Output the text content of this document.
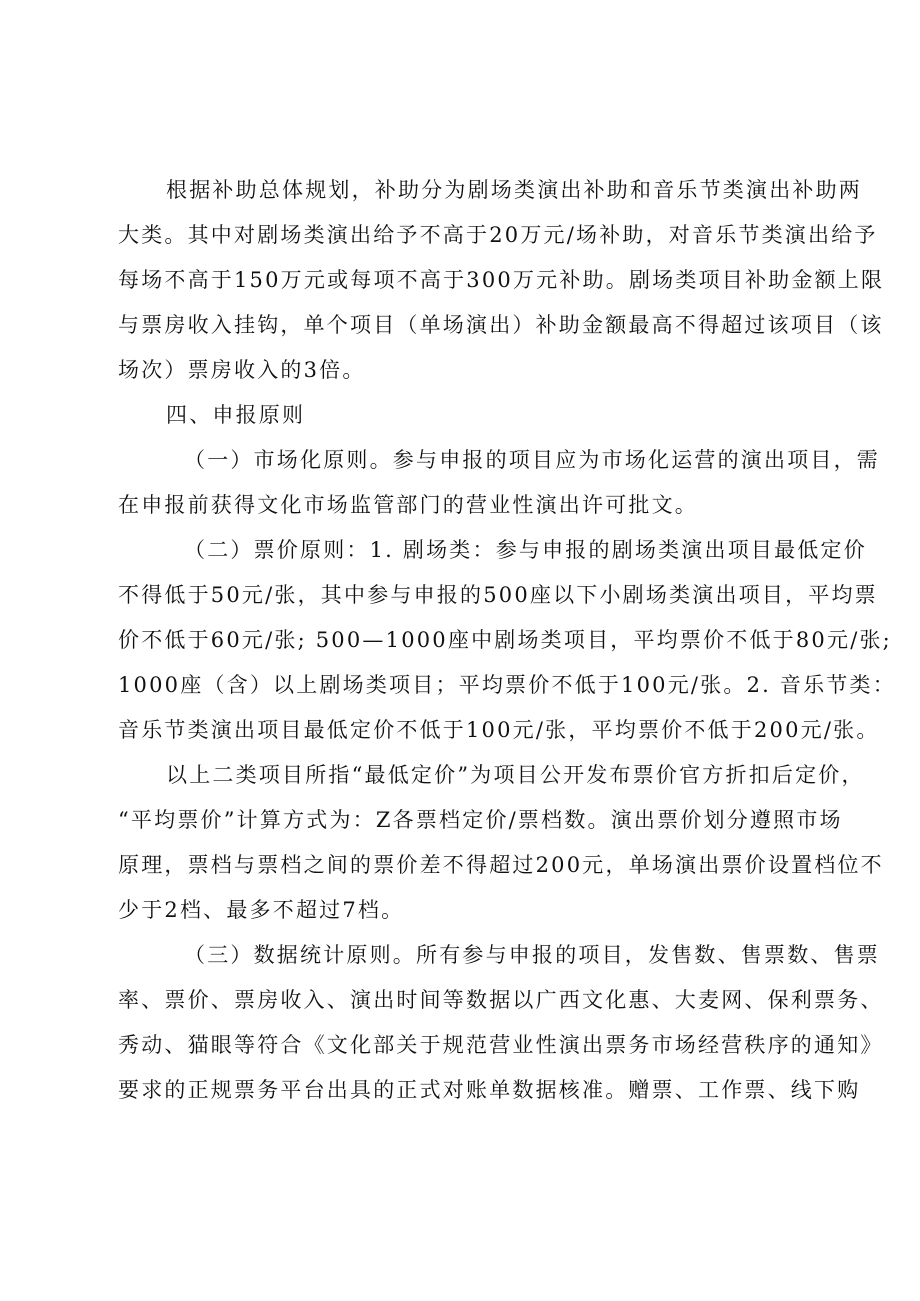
根据补助总体规划，补助分为剧场类演出补助和音乐节类演出补助两
大类。其中对剧场类演出给予不高于20万元/场补助，对音乐节类演出给予
每场不高于150万元或每项不高于300万元补助。剧场类项目补助金额上限
与票房收入挂钩，单个项目（单场演出）补助金额最高不得超过该项目（该
场次）票房收入的3倍。
四、申报原则
（一）市场化原则。参与申报的项目应为市场化运营的演出项目，需
在申报前获得文化市场监管部门的营业性演出许可批文。
（二）票价原则：1. 剧场类：参与申报的剧场类演出项目最低定价
不得低于50元/张，其中参与申报的500座以下小剧场类演出项目，平均票
价不低于60元/张; 500—1000座中剧场类项目，平均票价不低于80元/张;
1000座（含）以上剧场类项目；平均票价不低于100元/张。2. 音乐节类：
音乐节类演出项目最低定价不低于100元/张，平均票价不低于200元/张。
以上二类项目所指“最低定价”为项目公开发布票价官方折扣后定价，
“平均票价”计算方式为：Z各票档定价/票档数。演出票价划分遵照市场
原理，票档与票档之间的票价差不得超过200元，单场演出票价设置档位不
少于2档、最多不超过7档。
（三）数据统计原则。所有参与申报的项目，发售数、售票数、售票
率、票价、票房收入、演出时间等数据以广西文化惠、大麦网、保利票务、
秀动、猫眼等符合《文化部关于规范营业性演出票务市场经营秩序的通知》
要求的正规票务平台出具的正式对账单数据核准。赠票、工作票、线下购
